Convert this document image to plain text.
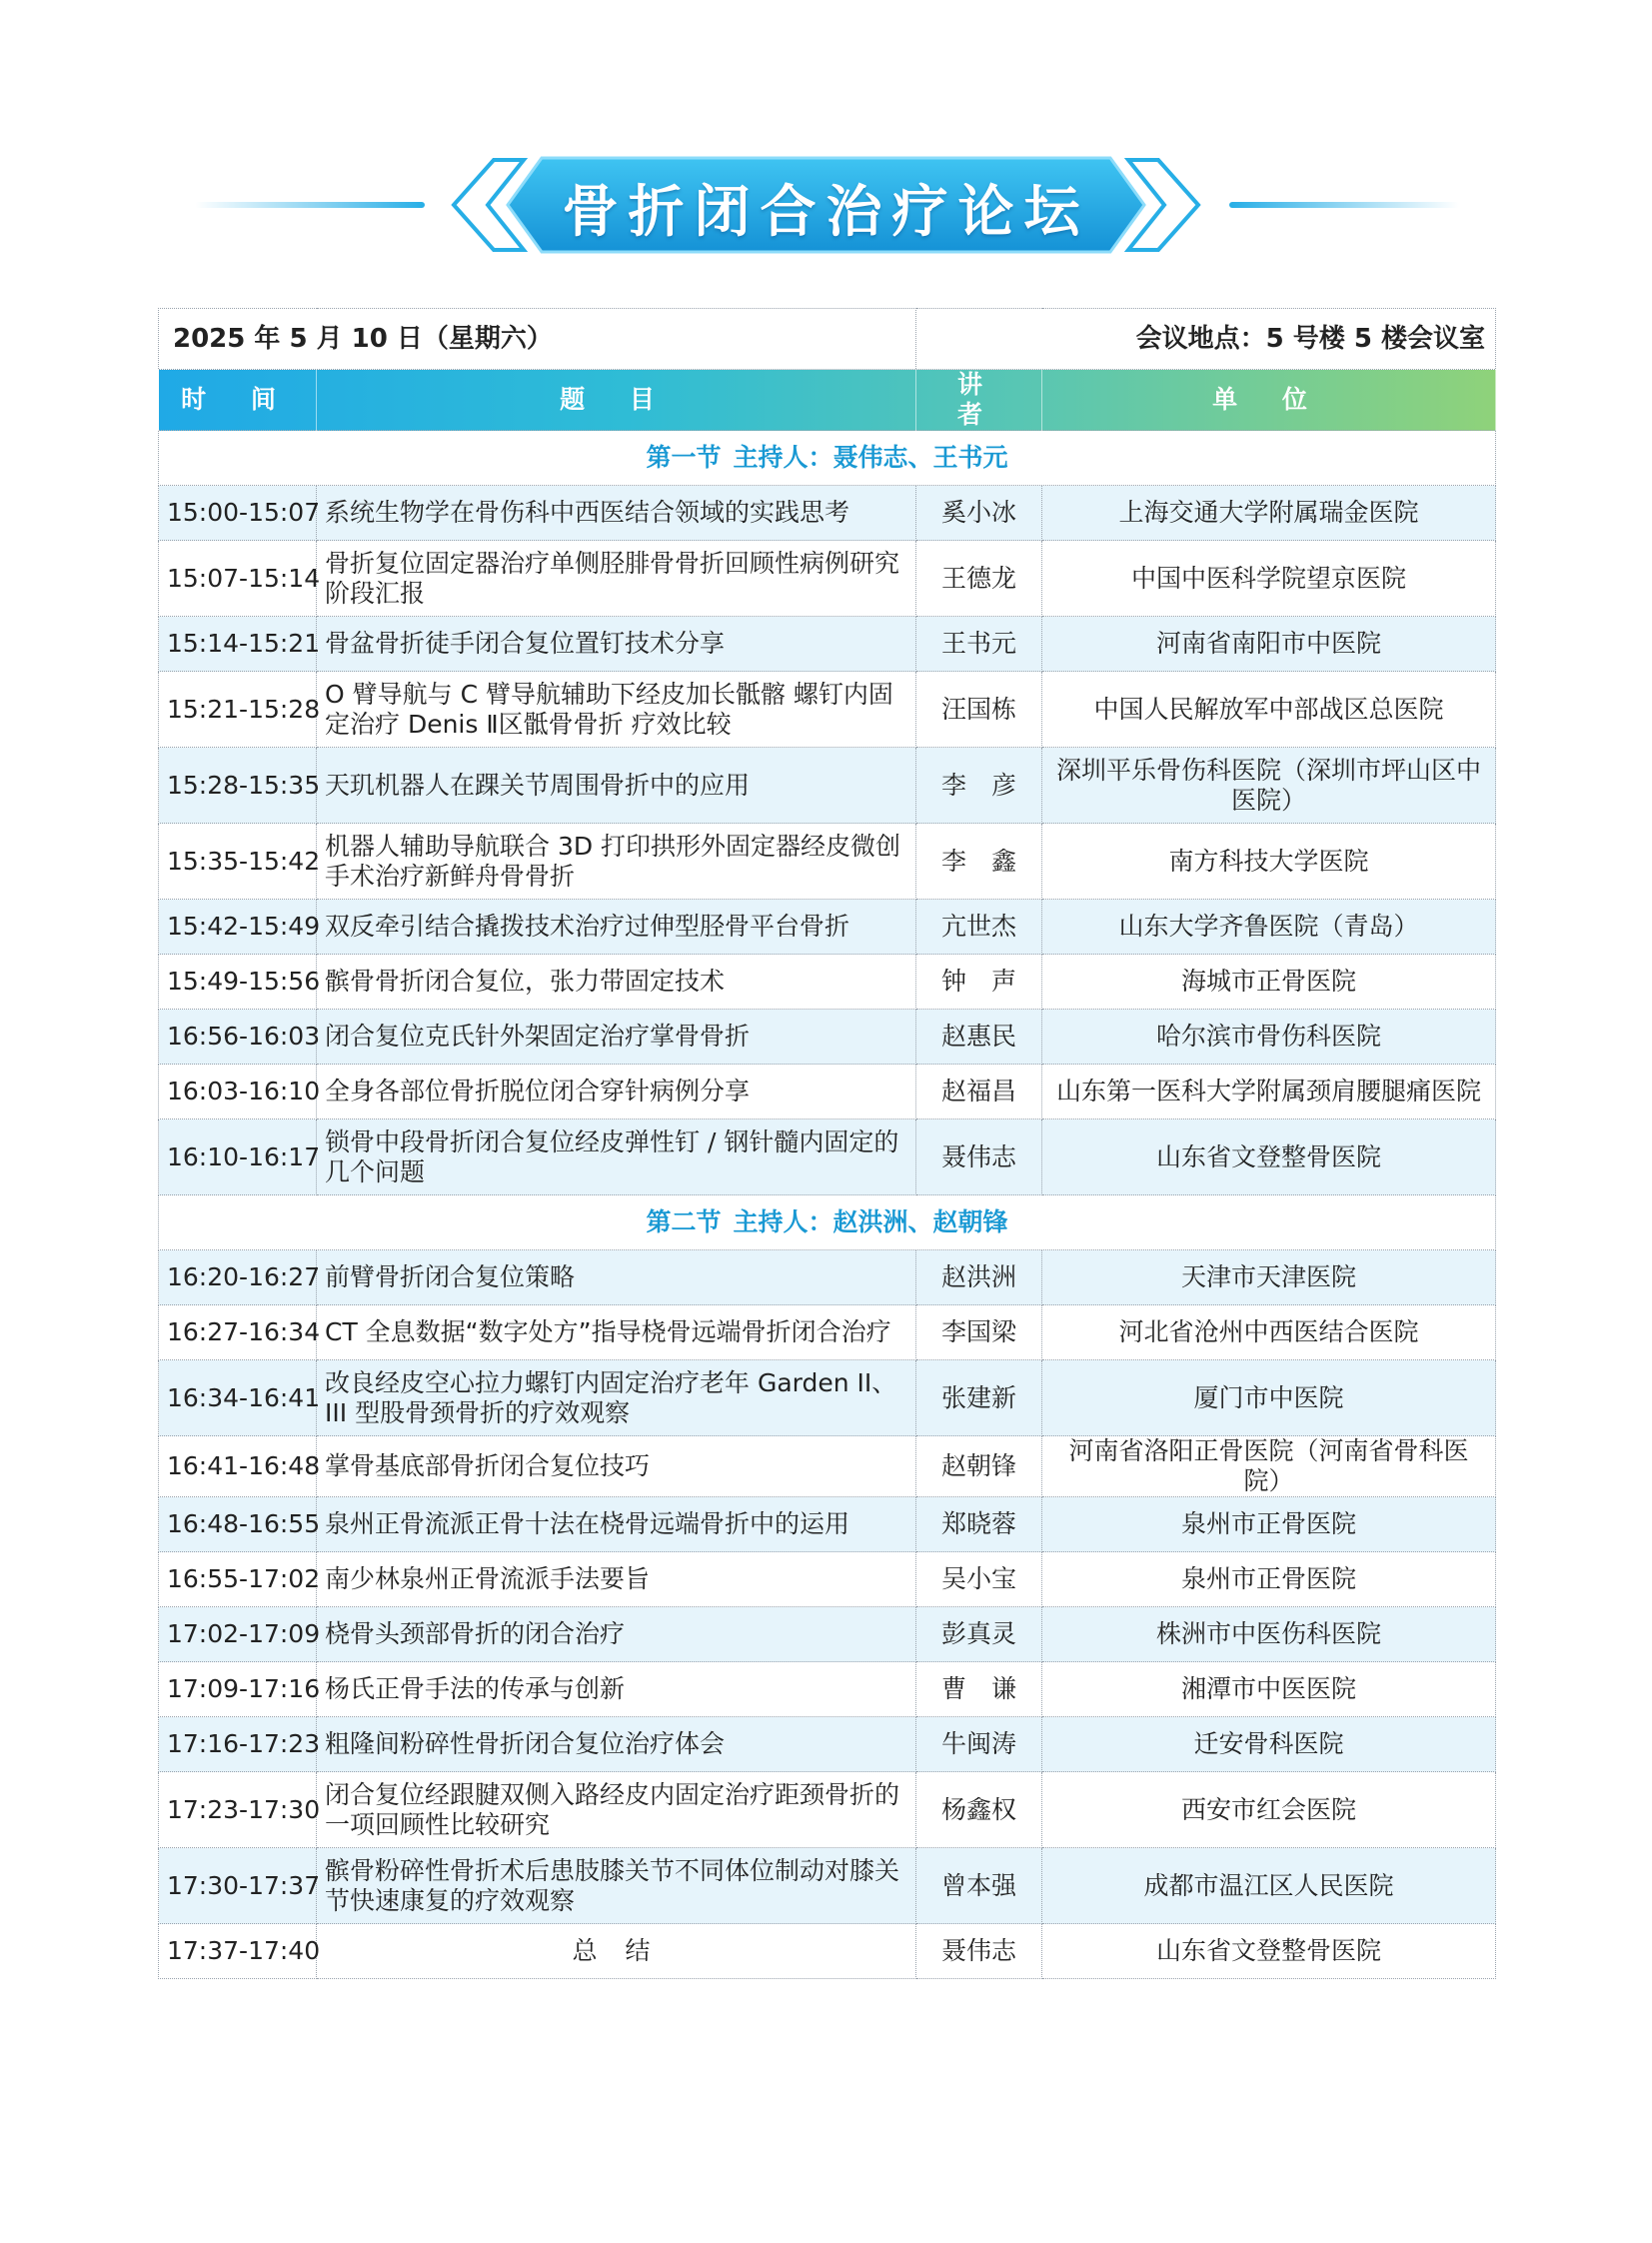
骨折闭合治疗论坛
2025 年 5 月 10 日（星期六）		会议地点：5 号楼 5 楼会议室	
时 间	题 目	讲 者	单 位
第一节 主持人：聂伟志、王书元			
15:00-15:07	系统生物学在骨伤科中西医结合领域的实践思考	奚小冰	上海交通大学附属瑞金医院
15:07-15:14	骨折复位固定器治疗单侧胫腓骨骨折回顾性病例研究阶段汇报	王德龙	中国中医科学院望京医院
15:14-15:21	骨盆骨折徒手闭合复位置钉技术分享	王书元	河南省南阳市中医院
15:21-15:28	O 臂导航与 C 臂导航辅助下经皮加长骶髂 螺钉内固定治疗 Denis Ⅱ区骶骨骨折 疗效比较	汪国栋	中国人民解放军中部战区总医院
15:28-15:35	天玑机器人在踝关节周围骨折中的应用	李　彦	深圳平乐骨伤科医院（深圳市坪山区中医院）
15:35-15:42	机器人辅助导航联合 3D 打印拱形外固定器经皮微创手术治疗新鲜舟骨骨折	李　鑫	南方科技大学医院
15:42-15:49	双反牵引结合撬拨技术治疗过伸型胫骨平台骨折	亢世杰	山东大学齐鲁医院（青岛）
15:49-15:56	髌骨骨折闭合复位，张力带固定技术	钟　声	海城市正骨医院
16:56-16:03	闭合复位克氏针外架固定治疗掌骨骨折	赵惠民	哈尔滨市骨伤科医院
16:03-16:10	全身各部位骨折脱位闭合穿针病例分享	赵福昌	山东第一医科大学附属颈肩腰腿痛医院
16:10-16:17	锁骨中段骨折闭合复位经皮弹性钉 / 钢针髓内固定的几个问题	聂伟志	山东省文登整骨医院
第二节 主持人：赵洪洲、赵朝锋			
16:20-16:27	前臂骨折闭合复位策略	赵洪洲	天津市天津医院
16:27-16:34	CT 全息数据“数字处方”指导桡骨远端骨折闭合治疗	李国梁	河北省沧州中西医结合医院
16:34-16:41	改良经皮空心拉力螺钉内固定治疗老年 Garden II、III 型股骨颈骨折的疗效观察	张建新	厦门市中医院
16:41-16:48	掌骨基底部骨折闭合复位技巧	赵朝锋	河南省洛阳正骨医院（河南省骨科医院）
16:48-16:55	泉州正骨流派正骨十法在桡骨远端骨折中的运用	郑晓蓉	泉州市正骨医院
16:55-17:02	南少林泉州正骨流派手法要旨	吴小宝	泉州市正骨医院
17:02-17:09	桡骨头颈部骨折的闭合治疗	彭真灵	株洲市中医伤科医院
17:09-17:16	杨氏正骨手法的传承与创新	曹　谦	湘潭市中医医院
17:16-17:23	粗隆间粉碎性骨折闭合复位治疗体会	牛闽涛	迁安骨科医院
17:23-17:30	闭合复位经跟腱双侧入路经皮内固定治疗距颈骨折的一项回顾性比较研究	杨鑫权	西安市红会医院
17:30-17:37	髌骨粉碎性骨折术后患肢膝关节不同体位制动对膝关节快速康复的疗效观察	曾本强	成都市温江区人民医院
17:37-17:40	总 结	聂伟志	山东省文登整骨医院
